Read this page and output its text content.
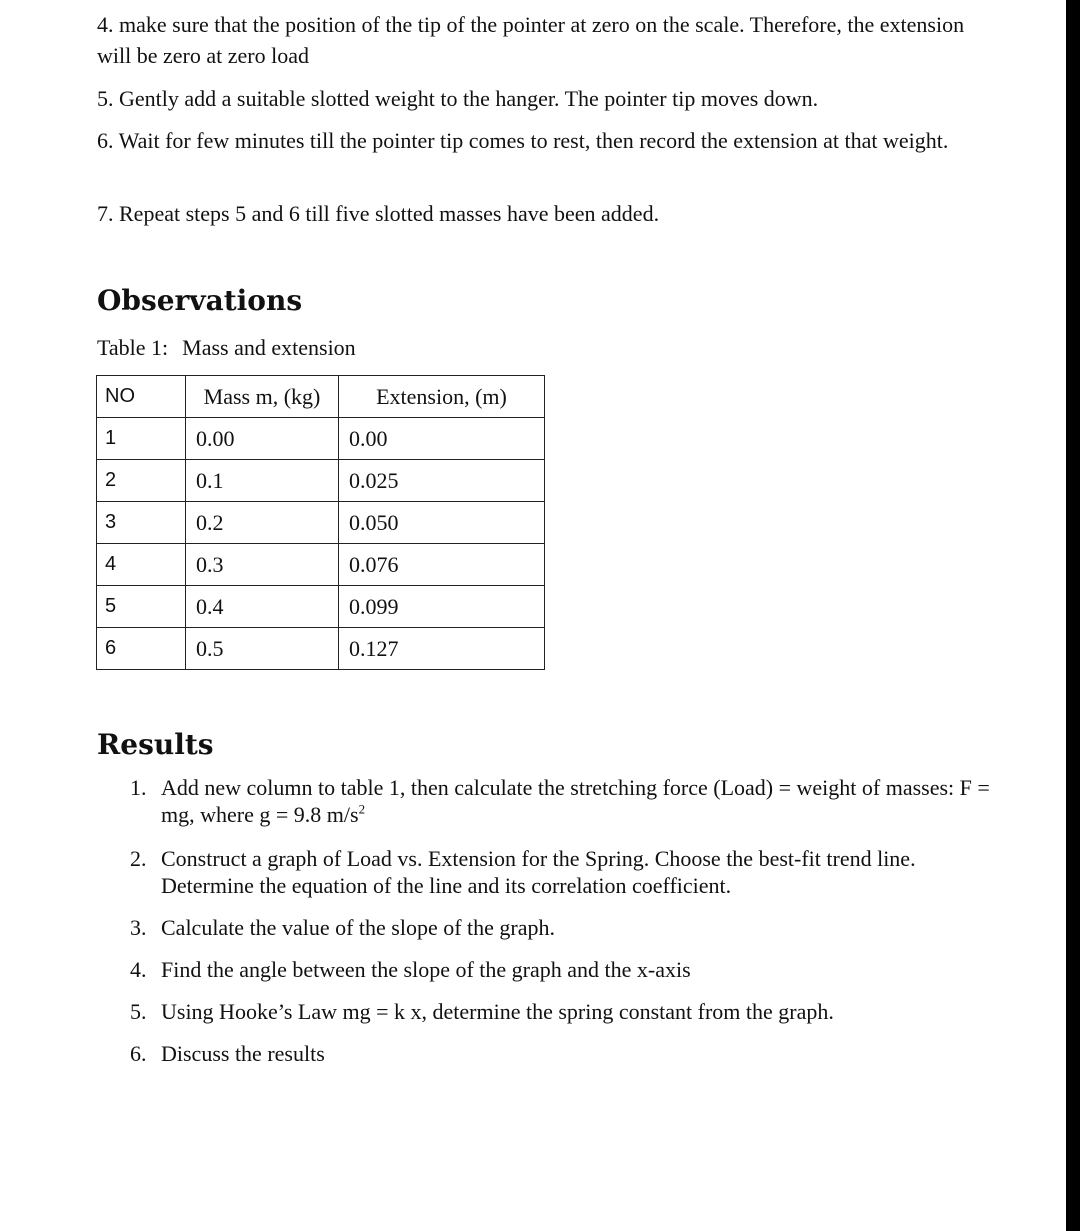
4. make sure that the position of the tip of the pointer at zero on the scale. Therefore, the extension will be zero at zero load

5. Gently add a suitable slotted weight to the hanger. The pointer tip moves down.

6. Wait for few minutes till the pointer tip comes to rest, then record the extension at that weight.

7. Repeat steps 5 and 6 till five slotted masses have been added.

Observations

Table 1: Mass and extension

NO	Mass m, (kg)	Extension, (m)
1	0.00	0.00
2	0.1	0.025
3	0.2	0.050
4	0.3	0.076
5	0.4	0.099
6	0.5	0.127
Results
1. Add new column to table 1, then calculate the stretching force (Load) = weight of masses: F = mg, where g = 9.8 $m/s^2$
2. Construct a graph of Load vs. Extension for the Spring. Choose the best-fit trend line. Determine the equation of the line and its correlation coefficient.
3. Calculate the value of the slope of the graph.
4. Find the angle between the slope of the graph and the x-axis
5. Using Hooke’s Law mg = k x, determine the spring constant from the graph.
6. Discuss the results
